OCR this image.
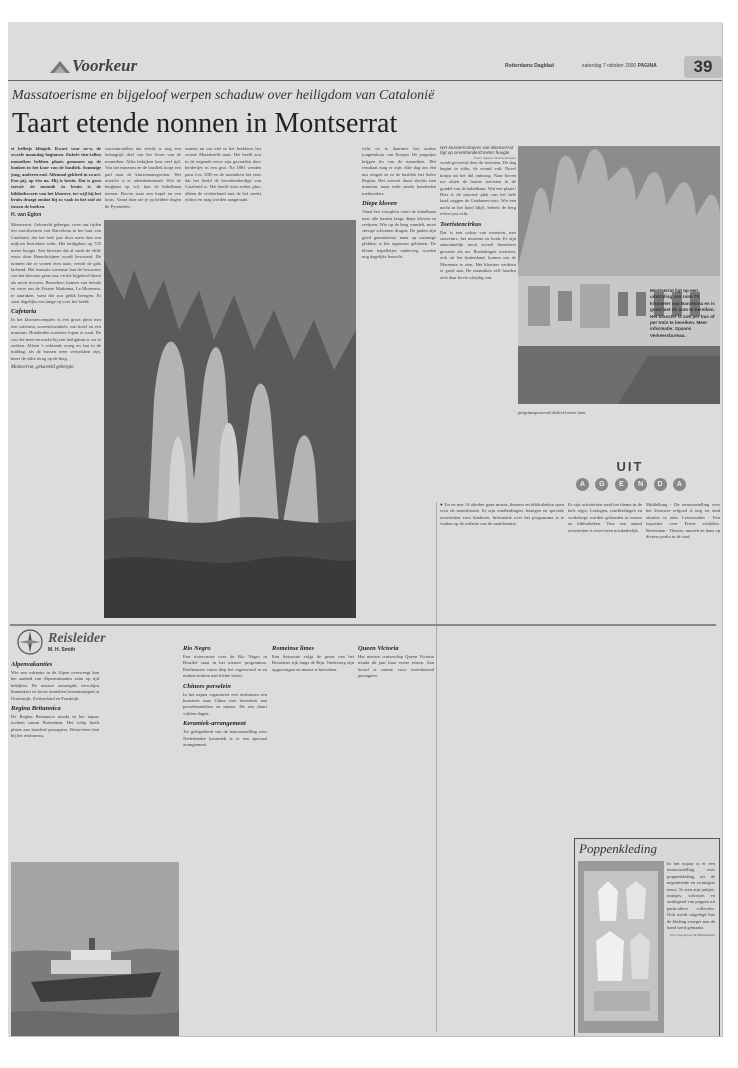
Voorkeur	Rotterdams Dagblad	zaterdag 7 oktober 2000 PAGINA	39
Massatoerisme en bijgeloof werpen schaduw over heiligdom van Catalonië
Taart etende nonnen in Montserrat

et belletje klingelt. Kwart voor ne-n, de zwoele maandag beginnen. Enkele tien-tallen monniken hebben plaats genomen op de banken in het koor van de basiliek. Sommige jong, anderen oud. Allemaal gekleed in zwart. Een pij, op één na. Hij is bruin. Dat is geen toeval: de monnik in bruin is de bibliothecaris van het klooster, ter-wijl hij het bruin draagt omdat hij zo vaak in het stof zit tussen de boeken.

H. van Eglon

Montserrat. Gekarteld gebergte, twee uur rijden ten noordwesten van Barcelona in het hart van Catalonië, dat het hele jaar door meer dan een miljoen bezoekers trekt. Het heiligdom op 725 meter hoogte. Een klooster dat al sinds de elfde eeuw door Benedictijnen wordt bewoond. De nonnen die er wonen eten taart, vertelt de gids lachend. Het massale toerisme laat de bewoners van het klooster geen rust, en het bijgeloof bloeit als nooit tevoren. Bezoekers komen van heinde en verre om de Zwarte Madonna, La Moreneta, te aanraken, want dat zou geluk brengen. Er staat dagelijks een lange rij voor het beeld.

Cafetaria

In het kloostercomplex is een groot plein met een cafetaria, souvenirwinkels, een hotel en een museum. Honderden toeristen lopen er rond. De rust die men verwacht bij een heiligdom is ver te zoeken. Alleen 's ochtends vroeg en laat in de middag, als de bussen weer vertrokken zijn, keert de stilte terug op de berg.

Montserrat, gekarteld gebergte.

souvenirstallen dat steeds is nog een belangrijk deel van het leven van de monniken. Alles bekijken kost veel tijd. Van het museum en de basiliek loopt een pad naar de kluizenaarsgrotten. Het uitzicht is er adembenemend. Wie de bergkam op wil, kan de kabelbaan nemen. Boven staat een kapel en een kruis. Vanaf daar zie je op heldere dagen de Pyreneeën.

waarin nu om niet in het kerkkoor het zwarte Mariabeeld staat. Het beeld zou in de negende eeuw zijn gevonden door herdertjes in een grot. Na 1881 werden paus Leo XIII en de monniken het eens dat het beeld de beschermheilige van Catalonië is. Het beeld staat achter glas; alleen de rechterhand met de bol steekt erdoor en mag worden aangeraakt.

richt en is daarmee het oudste jongenskoor van Europa. De jongetjes krijgen les van de monniken. Het resultaat mag er zijn: elke dag om één uur zingen ze in de basiliek het Salve Regina. Het concert duurt slechts tien minuten, maar trekt steeds honderden toehoorders.

Diepe kloven

Vanaf het voorplein voert de kabelbaan naar alle kanten langs diepe kloven en ravijnen. Wie op de berg wandelt, moet stevige schoenen dragen. De paden zijn goed gemarkeerd, maar op sommige plekken is het oppassen geblazen. De kleine kapelletjes onderweg worden nog dagelijks bezocht.

Het kloostercomplex van Montserrat ligt op zevenhonderd meter hoogte.
Foto's Spaans Verkeersbureau

wordt gevreesd door de toeristen. De dag begint in stilte, de avond valt. Nevel kruipt uit het dal omhoog. Naar boven toe zitten de laatste toeristen in de gondel van de kabelbaan. Wat een plaats! Hier is de mooiste plek van het hele land, zeggen de Catalanen trots. Wie een nacht in het hotel blijft, beleeft de berg echter pas echt.

Toeristencirkus

Dat is een cirkus van toeristen, met souvenirs, het museum en koek. Er zijn aanvankelijk nooit zoveel bezoekers geweest als nu. Busladingen toeristen, ook uit het buitenland, komen om de Moreneta te zien. Het klooster verdient er goed aan. De monniken zelf houden zich daar liever afzijdig van.

pelgrimsgeurverd difficiel meer zien.

Montserrat ligt op een uitstraling van ruim 70 kilometer van Barcelona en is goed met de auto te bereiken. Het klooster is ook per bus of per trein te bereiken. Meer informatie: Spaans Verkeersbureau.
UIT
A	G	E	N	D	A

● Tot en met 14 oktober gaan musea, theaters en bibliotheken open voor de manifestatie. Er zijn rondleidingen, lezingen en speciale activiteiten voor kinderen. Informatie over het programma is te vinden op de website van de manifestatie.

Er zijn activiteiten rond het thema in de hele regio. Lezingen, rondleidingen en workshops worden gehouden in musea en bibliotheken. Voor een aantal activiteiten is reserveren noodzakelijk.

Middelburg - De tentoonstelling over het Zeeuwse erfgoed is nog tot eind oktober te zien. Leeuwarden - Een expositie over Friese schilders. Rotterdam - Theater, muziek en dans op diverse podia in de stad.

Poppenkleding

In het najaar is er een tentoonstelling over poppenkleding uit de negentiende en twintigste eeuw. Te zien zijn jurkjes, mutsjes, schortjes en ondergoed van poppen uit particuliere collecties. Ook wordt uitgelegd hoe de kleding vroeger met de hand werd gemaakt.

Foto Speelgoed- & Blikmuseum
Reisleider
M. H. Smith
Alpenvakanties

Wie een vakantie in de Alpen overweegt kan het aanbod van Alpenvakanties ruim op tijd bekijken. De nieuwe zomergids verschijnt binnenkort en bevat tientallen bestemmingen in Oostenrijk, Zwitserland en Frankrijk.

Regina Britannica

De Regina Britannica maakt in het najaar tochten vanuit Rotterdam. Het schip biedt plaats aan honderd passagiers. Reserveren kan bij het reisbureau.

Rio Negro

Een riviercruise over de Rio Negro in Brazilië staat in het nieuwe programma. Deelnemers varen diep het regenwoud in en maken tochten met kleine boten.

Chinees porselein

In het najaar organiseert een reisbureau een kunstreis naar China met bezoeken aan porseleinateliers en musea. De reis duurt vijftien dagen.

Keramiek-arrangement

Ter gelegenheid van de tentoonstelling over Nederlandse keramiek is er een speciaal arrangement.

Romeinse limes

Een fietsroute volgt de grens van het Romeinse rijk langs de Rijn. Onderweg zijn opgravingen en musea te bezoeken.

Queen Victoria

Het nieuwe cruiseschip Queen Victoria maakt dit jaar haar eerste reizen. Aan boord is ruimte voor tweeduizend passagiers.
